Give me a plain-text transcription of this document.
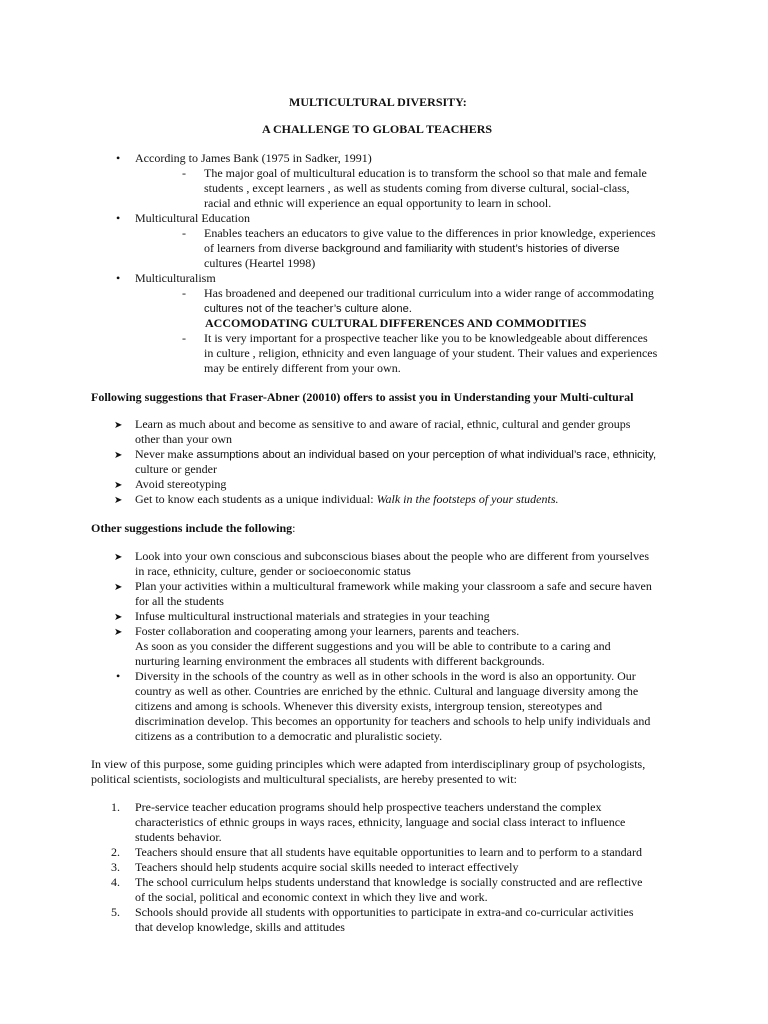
MULTICULTURAL DIVERSITY:
A CHALLENGE TO GLOBAL TEACHERS
• According to James Bank (1975 in Sadker, 1991)
- The major goal of multicultural education is to transform the school so that male and female
students , except learners , as well as students coming from diverse cultural, social-class,
racial and ethnic will experience an equal opportunity to learn in school.
• Multicultural Education
- Enables teachers an educators to give value to the differences in prior knowledge, experiences
of learners from diverse background and familiarity with student’s histories of diverse
cultures (Heartel 1998)
• Multiculturalism
- Has broadened and deepened our traditional curriculum into a wider range of accommodating
cultures not of the teacher’s culture alone.
ACCOMODATING CULTURAL DIFFERENCES AND COMMODITIES
- It is very important for a prospective teacher like you to be knowledgeable about differences
in culture , religion, ethnicity and even language of your student. Their values and experiences
may be entirely different from your own.
Following suggestions that Fraser-Abner (20010) offers to assist you in Understanding your Multi-cultural
➤ Learn as much about and become as sensitive to and aware of racial, ethnic, cultural and gender groups
other than your own
➤ Never make assumptions about an individual based on your perception of what individual’s race, ethnicity,
culture or gender
➤ Avoid stereotyping
➤ Get to know each students as a unique individual: Walk in the footsteps of your students.
Other suggestions include the following:
➤ Look into your own conscious and subconscious biases about the people who are different from yourselves
in race, ethnicity, culture, gender or socioeconomic status
➤ Plan your activities within a multicultural framework while making your classroom a safe and secure haven
for all the students
➤ Infuse multicultural instructional materials and strategies in your teaching
➤ Foster collaboration and cooperating among your learners, parents and teachers.
As soon as you consider the different suggestions and you will be able to contribute to a caring and
nurturing learning environment the embraces all students with different backgrounds.
• Diversity in the schools of the country as well as in other schools in the word is also an opportunity. Our
country as well as other. Countries are enriched by the ethnic. Cultural and language diversity among the
citizens and among is schools. Whenever this diversity exists, intergroup tension, stereotypes and
discrimination develop. This becomes an opportunity for teachers and schools to help unify individuals and
citizens as a contribution to a democratic and pluralistic society.
In view of this purpose, some guiding principles which were adapted from interdisciplinary group of psychologists,
political scientists, sociologists and multicultural specialists, are hereby presented to wit:
1. Pre-service teacher education programs should help prospective teachers understand the complex
characteristics of ethnic groups in ways races, ethnicity, language and social class interact to influence
students behavior.
2. Teachers should ensure that all students have equitable opportunities to learn and to perform to a standard
3. Teachers should help students acquire social skills needed to interact effectively
4. The school curriculum helps students understand that knowledge is socially constructed and are reflective
of the social, political and economic context in which they live and work.
5. Schools should provide all students with opportunities to participate in extra-and co-curricular activities
that develop knowledge, skills and attitudes
